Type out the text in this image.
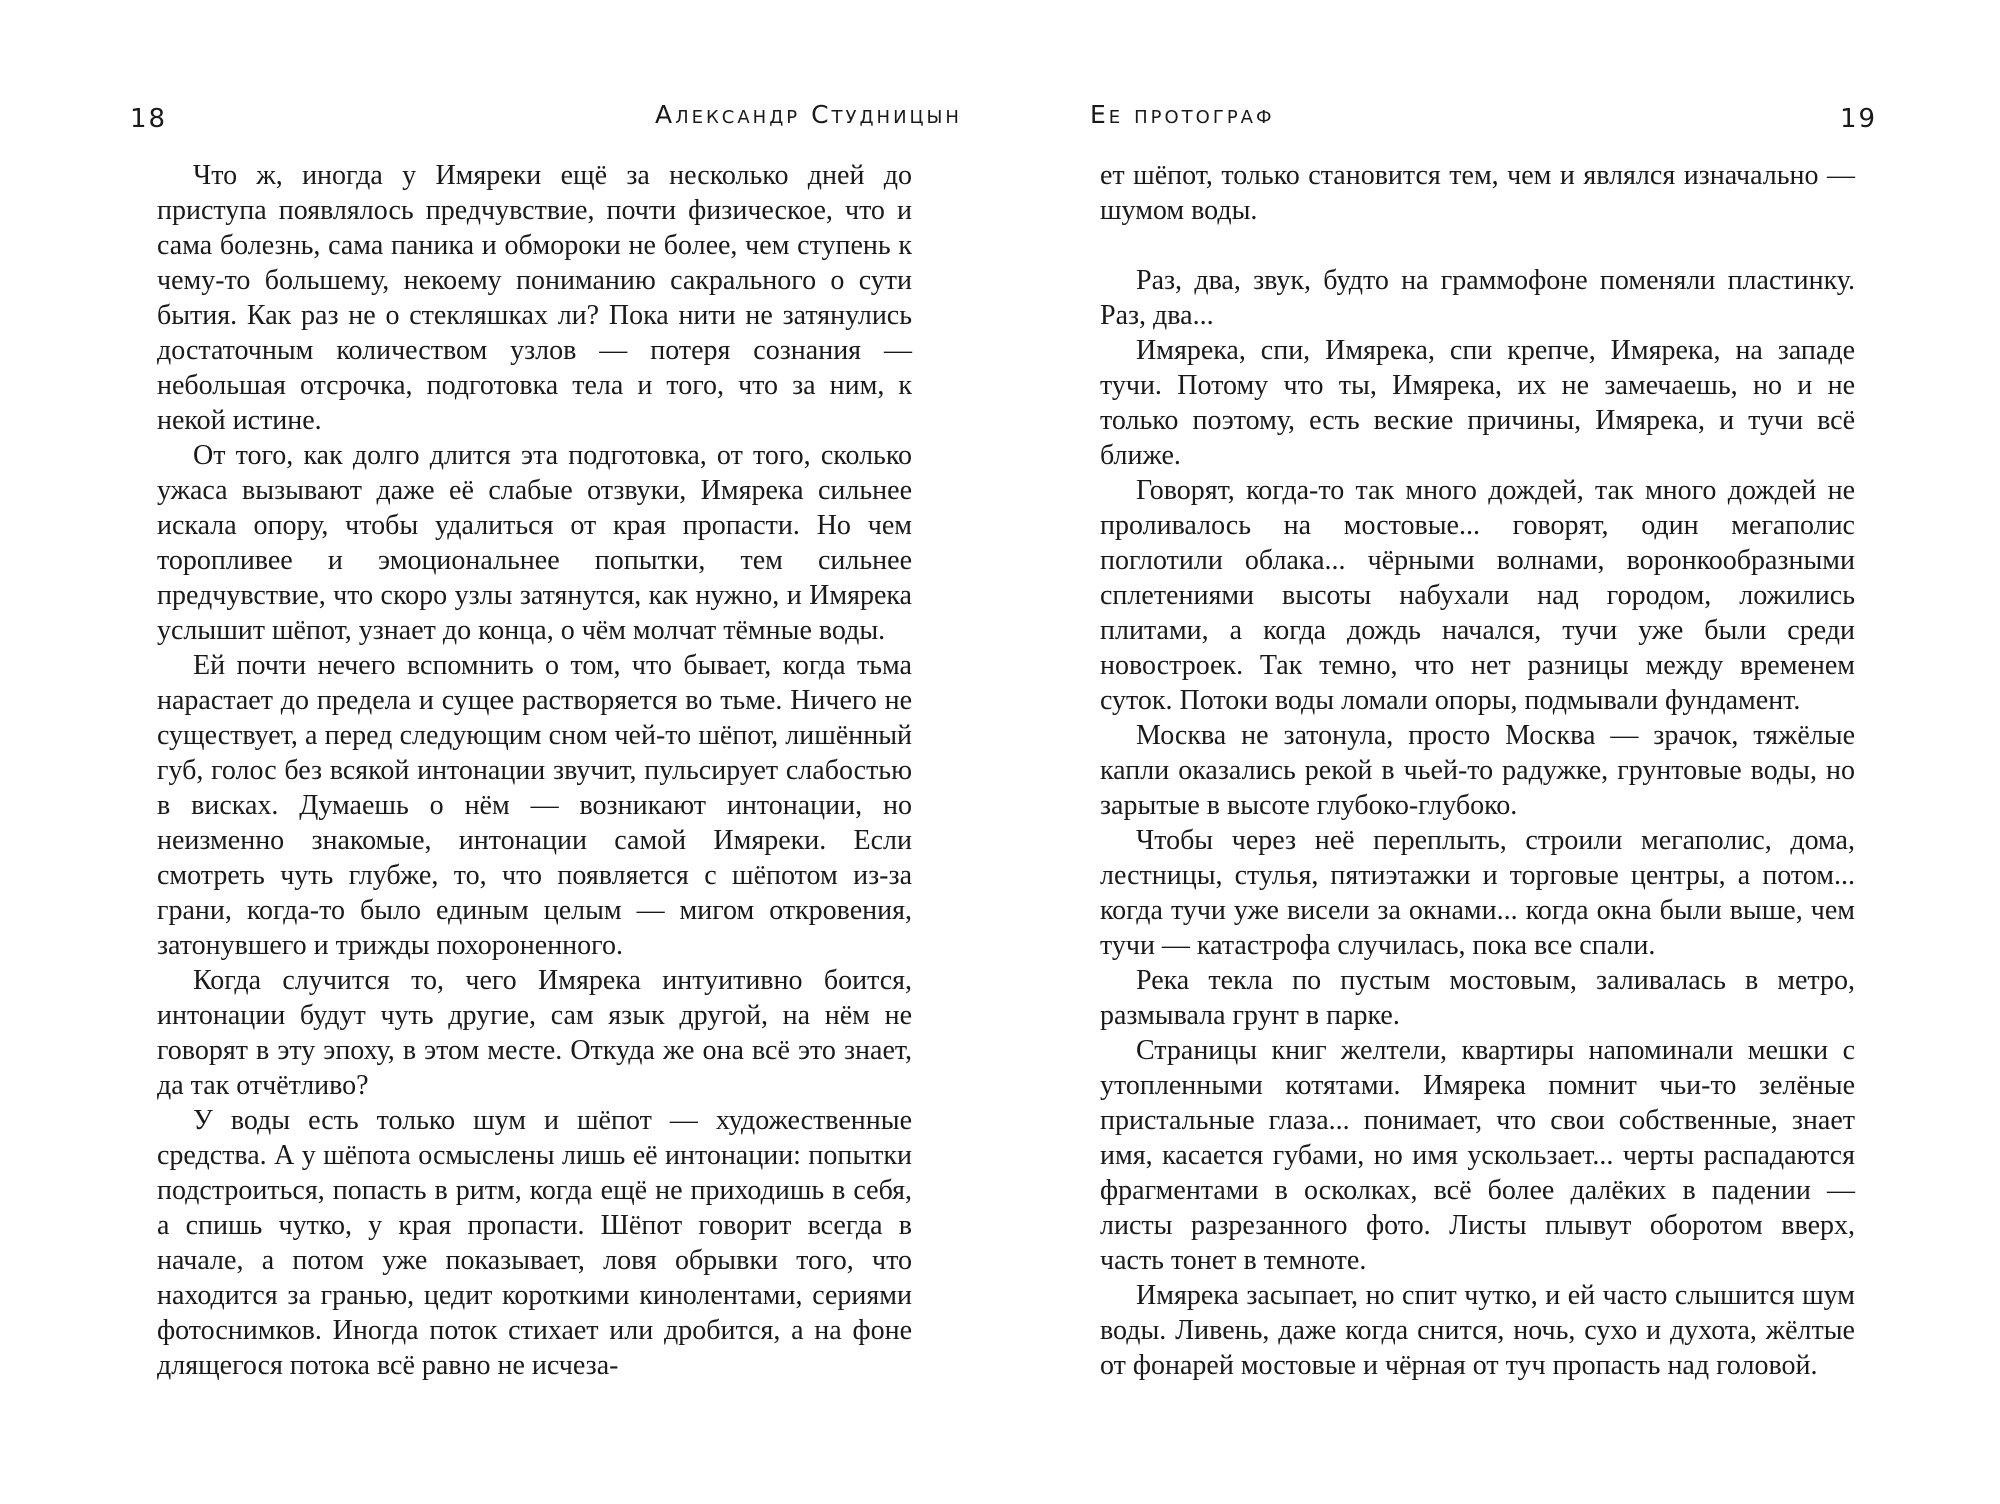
18	Александр Студницын

Что ж, иногда у Имяреки ещё за несколько дней до приступа появлялось предчувствие, почти физическое, что и сама болезнь, сама паника и обмороки не более, чем ступень к чему-то большему, некоему пониманию сакрального о сути бытия. Как раз не о стекляшках ли? Пока нити не затянулись достаточным количеством узлов — потеря сознания — небольшая отсрочка, подготовка тела и того, что за ним, к некой истине.

От того, как долго длится эта подготовка, от того, сколько ужаса вызывают даже её слабые отзвуки, Имярека сильнее искала опору, чтобы удалиться от края пропасти. Но чем торопливее и эмоциональнее попытки, тем сильнее предчувствие, что скоро узлы затянутся, как нужно, и Имярека услышит шёпот, узнает до конца, о чём молчат тёмные воды.

Ей почти нечего вспомнить о том, что бывает, когда тьма нарастает до предела и сущее растворяется во тьме. Ничего не существует, а перед следующим сном чей-то шёпот, лишённый губ, голос без всякой интонации звучит, пульсирует слабостью в висках. Думаешь о нём — возникают интонации, но неизменно знакомые, интонации самой Имяреки. Если смотреть чуть глубже, то, что появляется с шёпотом из-за грани, когда-то было единым целым — мигом откровения, затонувшего и трижды похороненного.

Когда случится то, чего Имярека интуитивно боится, интонации будут чуть другие, сам язык другой, на нём не говорят в эту эпоху, в этом месте. Откуда же она всё это знает, да так отчётливо?

У воды есть только шум и шёпот — художественные средства. А у шёпота осмыслены лишь её интонации: попытки подстроиться, попасть в ритм, когда ещё не приходишь в себя, а спишь чутко, у края пропасти. Шёпот говорит всегда в начале, а потом уже показывает, ловя обрывки того, что находится за гранью, цедит короткими кинолентами, сериями фотоснимков. Иногда поток стихает или дробится, а на фоне длящегося потока всё равно не исчеза-

Ее протограф	19

ет шёпот, только становится тем, чем и являлся изначально — шумом воды.

Раз, два, звук, будто на граммофоне поменяли пластинку. Раз, два...

Имярека, спи, Имярека, спи крепче, Имярека, на западе тучи. Потому что ты, Имярека, их не замечаешь, но и не только поэтому, есть веские причины, Имярека, и тучи всё ближе.

Говорят, когда-то так много дождей, так много дождей не проливалось на мостовые... говорят, один мегаполис поглотили облака... чёрными волнами, воронкообразными сплетениями высоты набухали над городом, ложились плитами, а когда дождь начался, тучи уже были среди новостроек. Так темно, что нет разницы между временем суток. Потоки воды ломали опоры, подмывали фундамент.

Москва не затонула, просто Москва — зрачок, тяжёлые капли оказались рекой в чьей-то радужке, грунтовые воды, но зарытые в высоте глубоко-глубоко.

Чтобы через неё переплыть, строили мегаполис, дома, лестницы, стулья, пятиэтажки и торговые центры, а потом... когда тучи уже висели за окнами... когда окна были выше, чем тучи — катастрофа случилась, пока все спали.

Река текла по пустым мостовым, заливалась в метро, размывала грунт в парке.

Страницы книг желтели, квартиры напоминали мешки с утопленными котятами. Имярека помнит чьи-то зелёные пристальные глаза... понимает, что свои собственные, знает имя, касается губами, но имя ускользает... черты распадаются фрагментами в осколках, всё более далёких в падении — листы разрезанного фото. Листы плывут оборотом вверх, часть тонет в темноте.

Имярека засыпает, но спит чутко, и ей часто слышится шум воды. Ливень, даже когда снится, ночь, сухо и духота, жёлтые от фонарей мостовые и чёрная от туч пропасть над головой.
